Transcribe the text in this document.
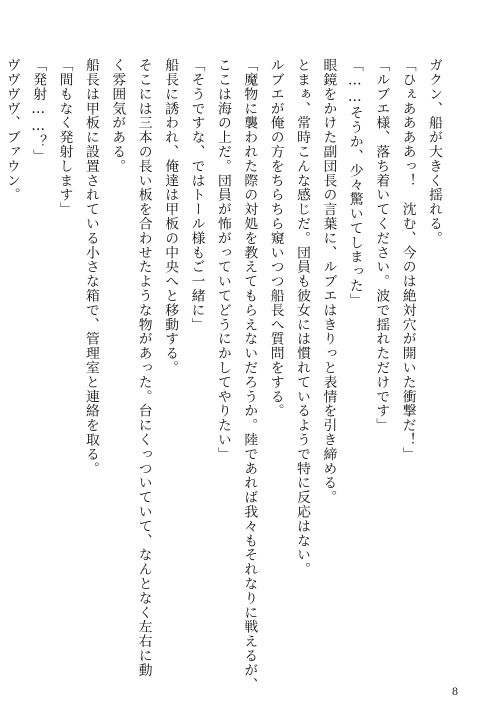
ガクン、船が大きく揺れる。
「ひぇああああっ！　沈む、今のは絶対穴が開いた衝撃だ！」
「ルブエ様、落ち着いてください。波で揺れただけです」
「……そうか、少々驚いてしまった」
眼鏡をかけた副団長の言葉に、ルブエはきりっと表情を引き締める。
とまぁ、常時こんな感じだ。団員も彼女には慣れているようで特に反応はない。
ルブエが俺の方をちらちら窺いつつ船長へ質問をする。
「魔物に襲われた際の対処を教えてもらえないだろうか。陸であれば我々もそれなりに戦えるが、
ここは海の上だ。団員が怖がっていてどうにかしてやりたい」
「そうですな、ではトール様もご一緒に」
船長に誘われ、俺達は甲板の中央へと移動する。
そこには三本の長い板を合わせたような物があった。台にくっついていて、なんとなく左右に動
く雰囲気がある。
船長は甲板に設置されている小さな箱で、管理室と連絡を取る。
「間もなく発射します」
「発射……？」
ヴヴヴヴ、ブァウン。
8
